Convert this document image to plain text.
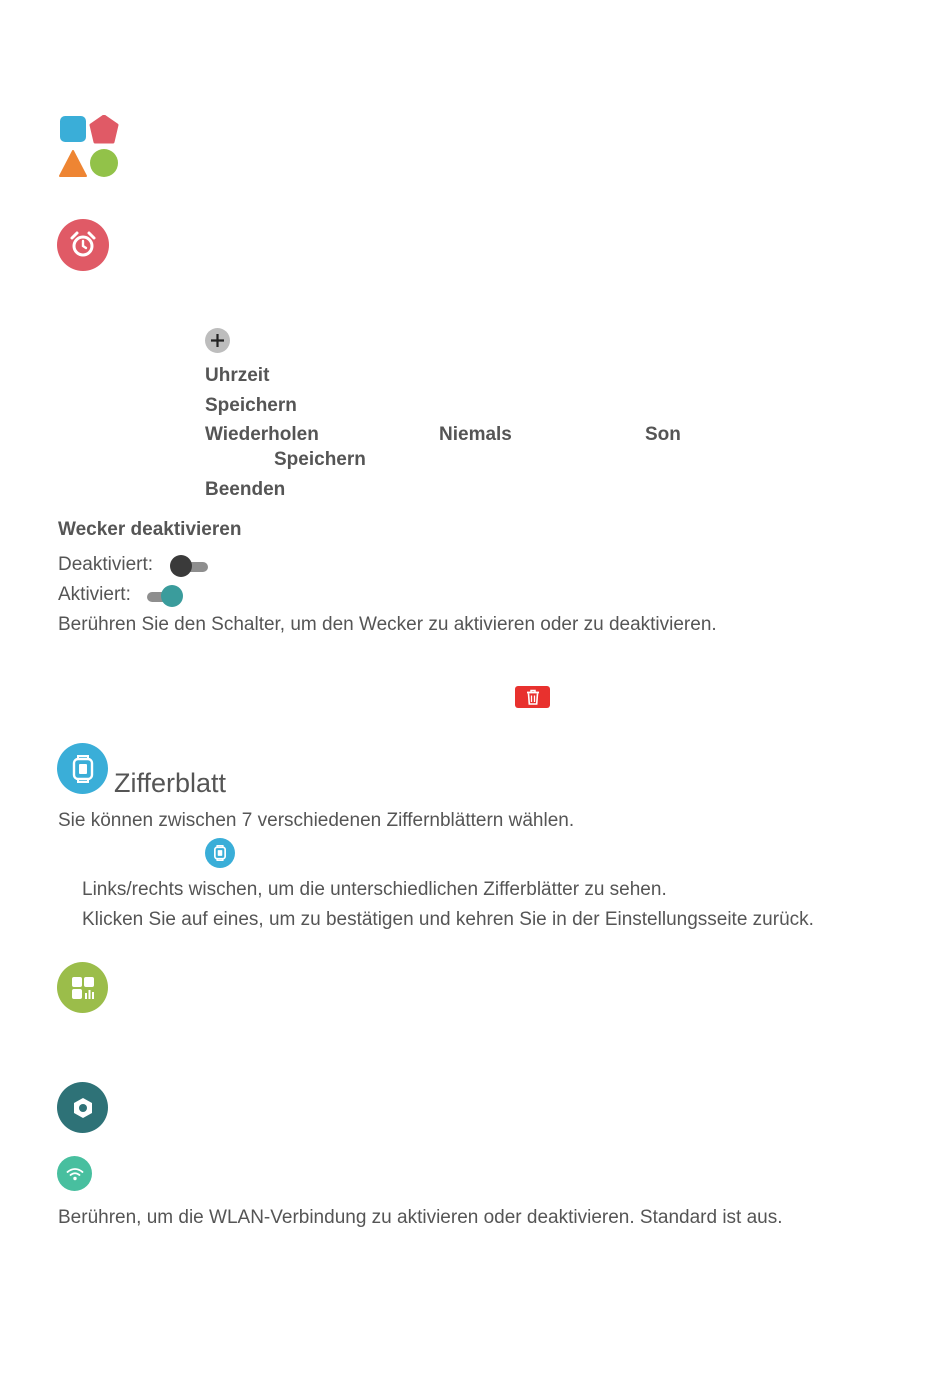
Uhrzeit
Speichern
Wiederholen	Niemals	Son
Speichern
Beenden
Wecker deaktivieren
Deaktiviert:
Aktiviert:
Berühren Sie den Schalter, um den Wecker zu aktivieren oder zu deaktivieren.
Zifferblatt
Sie können zwischen 7 verschiedenen Ziffernblättern wählen.
Links/rechts wischen, um die unterschiedlichen Zifferblätter zu sehen.
Klicken Sie auf eines, um zu bestätigen und kehren Sie in der Einstellungsseite zurück.
Berühren, um die WLAN-Verbindung zu aktivieren oder deaktivieren. Standard ist aus.
